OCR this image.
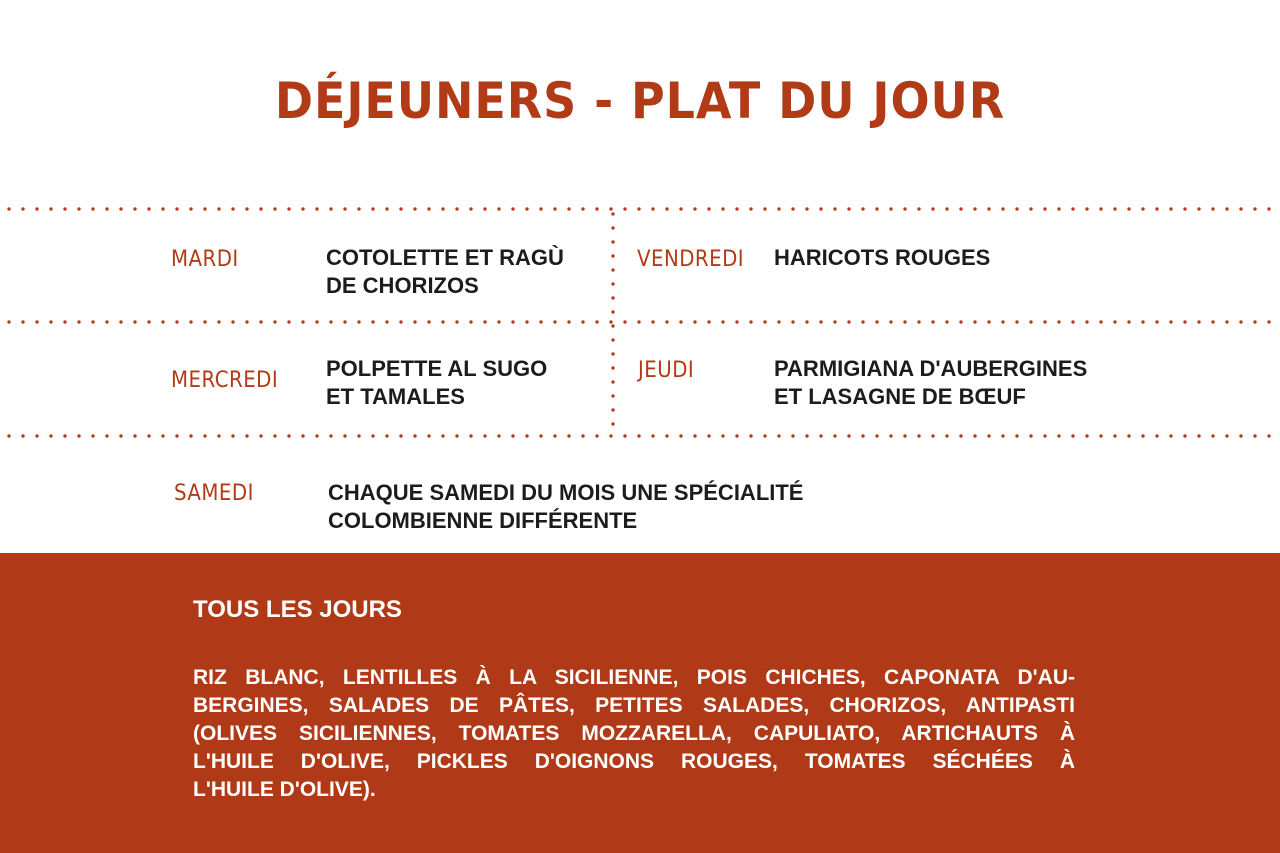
DÉJEUNERS - PLAT DU JOUR
MARDI	COTOLETTE ET RAGÙ
DE CHORIZOS
VENDREDI HARICOTS ROUGES
MERCREDI POLPETTE AL SUGO
ET TAMALES
JEUDI	PARMIGIANA D'AUBERGINES
ET LASAGNE DE BŒUF
SAMEDI	CHAQUE SAMEDI DU MOIS UNE SPÉCIALITÉ
COLOMBIENNE DIFFÉRENTE
TOUS LES JOURS
RIZ BLANC, LENTILLES À LA SICILIENNE, POIS CHICHES, CAPONATA D'AU-
BERGINES, SALADES DE PÂTES, PETITES SALADES, CHORIZOS, ANTIPASTI
(OLIVES SICILIENNES, TOMATES MOZZARELLA, CAPULIATO, ARTICHAUTS À
L'HUILE D'OLIVE, PICKLES D'OIGNONS ROUGES, TOMATES SÉCHÉES À
L'HUILE D'OLIVE).
